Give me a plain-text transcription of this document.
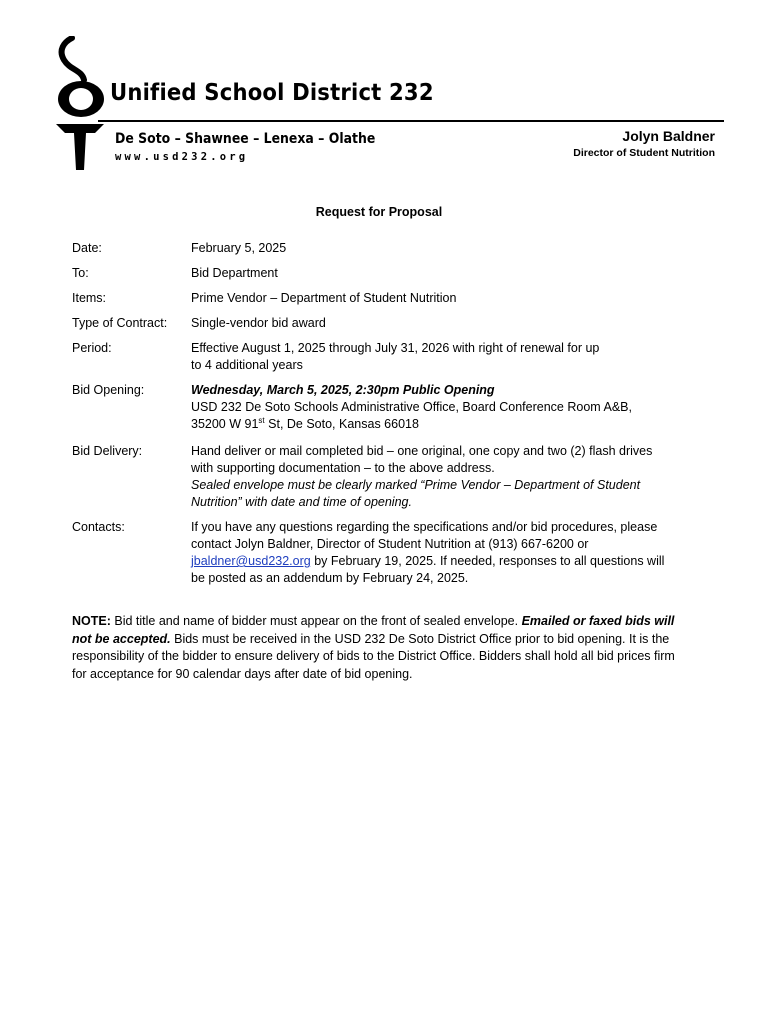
Unified School District 232
De Soto – Shawnee – Lenexa – Olathe
www.usd232.org
Jolyn Baldner
Director of Student Nutrition
Request for Proposal
Date:	February 5, 2025
To:	Bid Department
Items:	Prime Vendor – Department of Student Nutrition
Type of Contract: Single-vendor bid award
Period:	Effective August 1, 2025 through July 31, 2026 with right of renewal for up
to 4 additional years
Bid Opening:	Wednesday, March 5, 2025, 2:30pm Public Opening
USD 232 De Soto Schools Administrative Office, Board Conference Room A&B,
35200 W 91st St, De Soto, Kansas 66018
Bid Delivery:	Hand deliver or mail completed bid – one original, one copy and two (2) flash drives
with supporting documentation – to the above address.
Sealed envelope must be clearly marked “Prime Vendor – Department of Student
Nutrition” with date and time of opening.
Contacts:	If you have any questions regarding the specifications and/or bid procedures, please
contact Jolyn Baldner, Director of Student Nutrition at (913) 667-6200 or
jbaldner@usd232.org by February 19, 2025. If needed, responses to all questions will
be posted as an addendum by February 24, 2025.

NOTE: Bid title and name of bidder must appear on the front of sealed envelope. Emailed or faxed bids will not be accepted. Bids must be received in the USD 232 De Soto District Office prior to bid opening. It is the responsibility of the bidder to ensure delivery of bids to the District Office. Bidders shall hold all bid prices firm for acceptance for 90 calendar days after date of bid opening.
